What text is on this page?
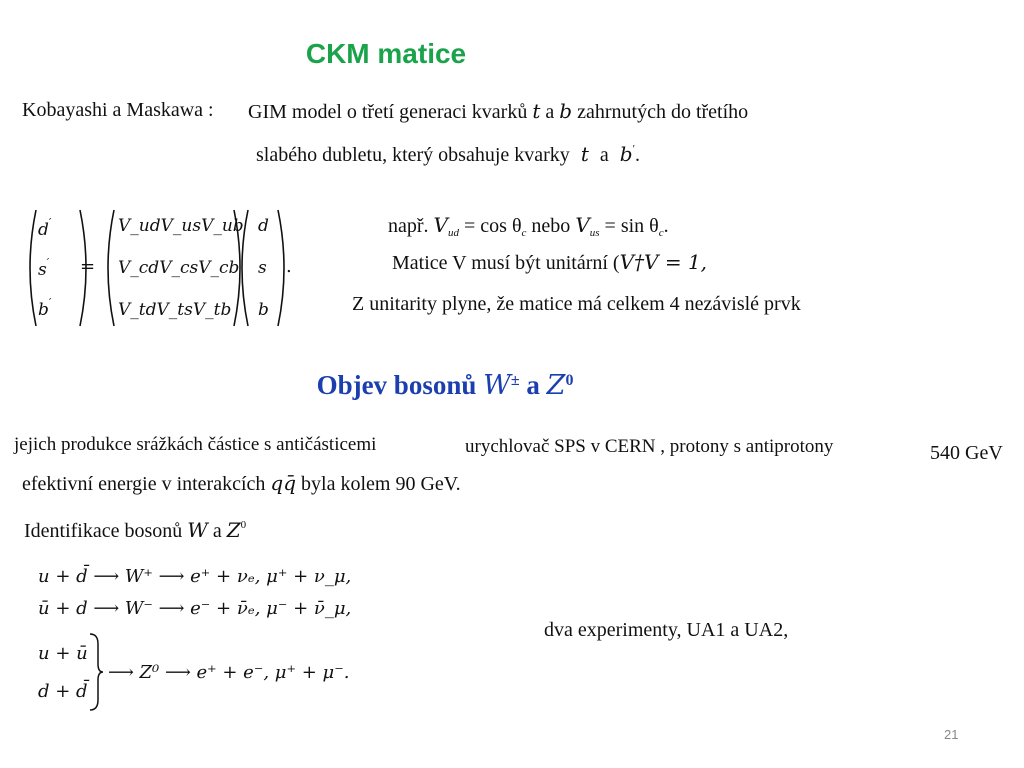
CKM matice
Kobayashi a Maskawa : GIM model o třetí generaci kvarků t a b zahrnutých do třetího
slabého dubletu, který obsahuje kvarky t a b′.
d′
s′
b′
=
V_ud V_us V_ub
V_cd V_cs V_cb
V_td V_ts V_tb
d
s
b
.
např. $V_{ud} = \cos \theta_c$ nebo $V_{us} = \sin \theta_c$.
Matice V musí být unitární (V†V = 1,
Z unitarity plyne, že matice má celkem 4 nezávislé prvk
Objev bosonů W± a $Z^0$
jejich produkce srážkách částice s antičásticemi	urychlovač SPS v CERN , protony s antiprotony	540 GeV
efektivní energie v interakcích qq̄ byla kolem 90 GeV.
Identifikace bosonů W a $Z^0$
u + d̄ ⟶ W⁺ ⟶ e⁺ + νₑ, μ⁺ + ν_μ,
ū + d ⟶ W⁻ ⟶ e⁻ + ν̄ₑ, μ⁻ + ν̄_μ,
u + ū
d + d̄
⟶ Z⁰ ⟶ e⁺ + e⁻, μ⁺ + μ⁻.
dva experimenty, UA1 a UA2,
21
